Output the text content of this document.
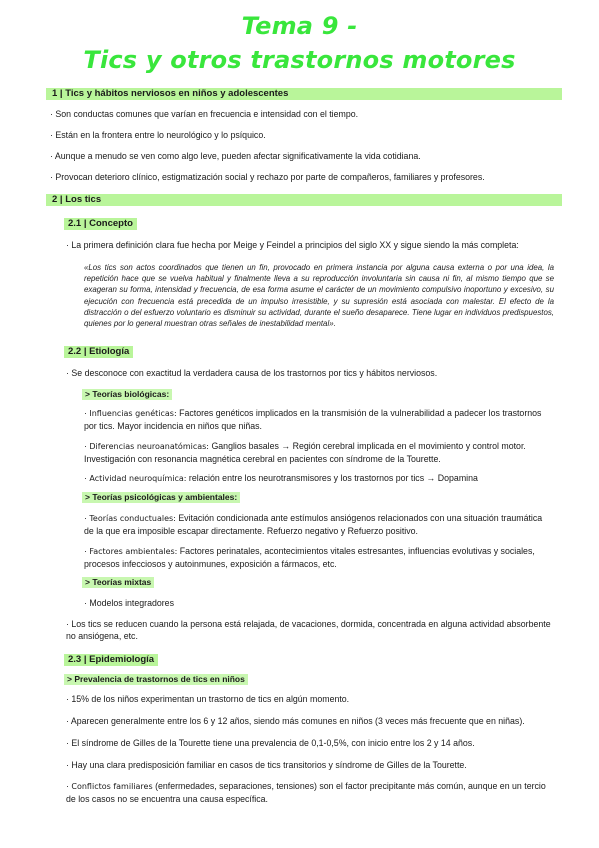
Tema 9 -
Tics y otros trastornos motores
1 | Tics y hábitos nerviosos en niños y adolescentes

· Son conductas comunes que varían en frecuencia e intensidad con el tiempo.

· Están en la frontera entre lo neurológico y lo psíquico.

· Aunque a menudo se ven como algo leve, pueden afectar significativamente la vida cotidiana.

· Provocan deterioro clínico, estigmatización social y rechazo por parte de compañeros, familiares y profesores.

2 | Los tics
2.1 | Concepto

· La primera definición clara fue hecha por Meige y Feindel a principios del siglo XX y sigue siendo la más completa:

«Los tics son actos coordinados que tienen un fin, provocado en primera instancia por alguna causa externa o por una idea, la repetición hace que se vuelva habitual y finalmente lleva a su reproducción involuntaria sin causa ni fin, al mismo tiempo que se exageran su forma, intensidad y frecuencia, de esa forma asume el carácter de un movimiento compulsivo inoportuno y excesivo, su ejecución con frecuencia está precedida de un impulso irresistible, y su supresión está asociada con malestar. El efecto de la distracción o del esfuerzo voluntario es disminuir su actividad, durante el sueño desaparece. Tiene lugar en individuos predispuestos, quienes por lo general muestran otras señales de inestabilidad mental».

2.2 | Etiología

· Se desconoce con exactitud la verdadera causa de los trastornos por tics y hábitos nerviosos.

> Teorías biológicas:

· Influencias genéticas: Factores genéticos implicados en la transmisión de la vulnerabilidad a padecer los trastornos por tics. Mayor incidencia en niños que niñas.

· Diferencias neuroanatómicas: Ganglios basales → Región cerebral implicada en el movimiento y control motor. Investigación con resonancia magnética cerebral en pacientes con síndrome de la Tourette.

· Actividad neuroquímica: relación entre los neurotransmisores y los trastornos por tics → Dopamina

> Teorías psicológicas y ambientales:

· Teorías conductuales: Evitación condicionada ante estímulos ansiógenos relacionados con una situación traumática de la que era imposible escapar directamente. Refuerzo negativo y Refuerzo positivo.

· Factores ambientales: Factores perinatales, acontecimientos vitales estresantes, influencias evolutivas y sociales, procesos infecciosos y autoinmunes, exposición a fármacos, etc.

> Teorías mixtas

· Modelos integradores

· Los tics se reducen cuando la persona está relajada, de vacaciones, dormida, concentrada en alguna actividad absorbente no ansiógena, etc.

2.3 | Epidemiología
> Prevalencia de trastornos de tics en niños

· 15% de los niños experimentan un trastorno de tics en algún momento.

· Aparecen generalmente entre los 6 y 12 años, siendo más comunes en niños (3 veces más frecuente que en niñas).

· El síndrome de Gilles de la Tourette tiene una prevalencia de 0,1-0,5%, con inicio entre los 2 y 14 años.

· Hay una clara predisposición familiar en casos de tics transitorios y síndrome de Gilles de la Tourette.

· Conflictos familiares (enfermedades, separaciones, tensiones) son el factor precipitante más común, aunque en un tercio de los casos no se encuentra una causa específica.
